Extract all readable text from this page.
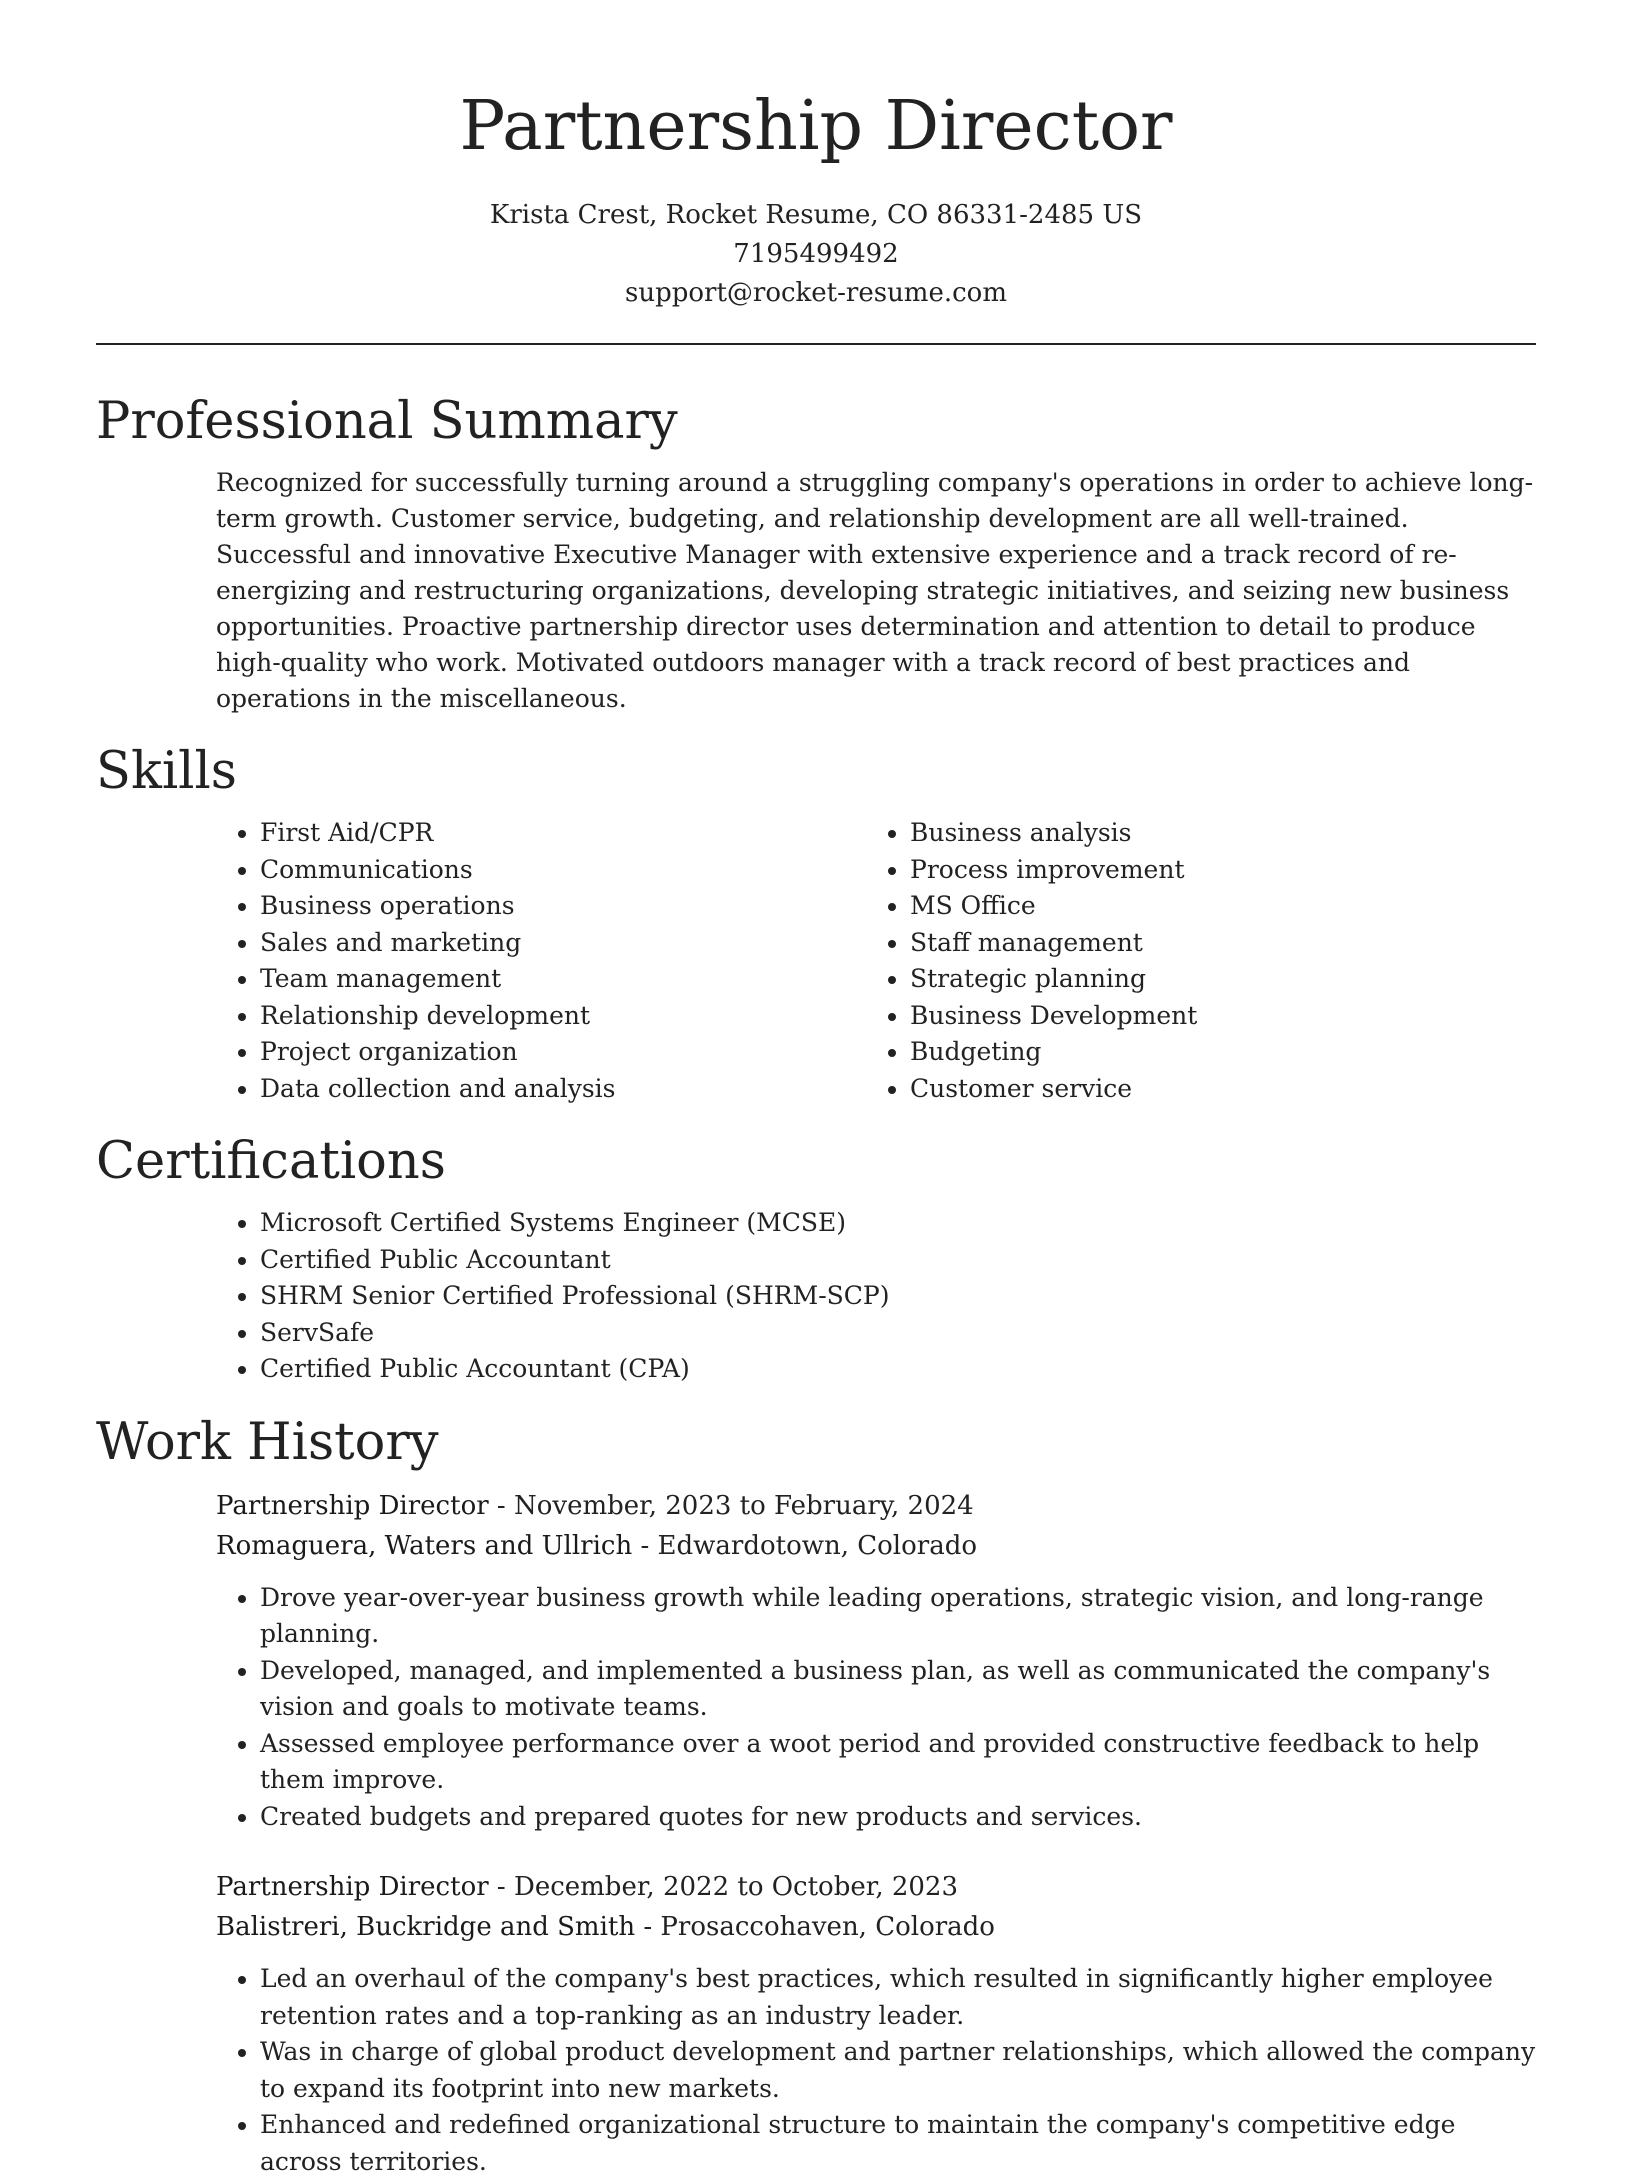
Partnership Director
Krista Crest, Rocket Resume, CO 86331-2485 US
7195499492
support@rocket-resume.com
Professional Summary

Recognized for successfully turning around a struggling company's operations in order to achieve long-term growth. Customer service, budgeting, and relationship development are all well-trained. Successful and innovative Executive Manager with extensive experience and a track record of re-energizing and restructuring organizations, developing strategic initiatives, and seizing new business opportunities. Proactive partnership director uses determination and attention to detail to produce high-quality who work. Motivated outdoors manager with a track record of best practices and operations in the miscellaneous.

Skills
• First Aid/CPR
• Communications
• Business operations
• Sales and marketing
• Team management
• Relationship development
• Project organization
• Data collection and analysis
• Business analysis
• Process improvement
• MS Office
• Staff management
• Strategic planning
• Business Development
• Budgeting
• Customer service
Certifications
• Microsoft Certified Systems Engineer (MCSE)
• Certified Public Accountant
• SHRM Senior Certified Professional (SHRM-SCP)
• ServSafe
• Certified Public Accountant (CPA)
Work History
Partnership Director - November, 2023 to February, 2024
Romaguera, Waters and Ullrich - Edwardotown, Colorado
• Drove year-over-year business growth while leading operations, strategic vision, and long-range planning.
• Developed, managed, and implemented a business plan, as well as communicated the company's vision and goals to motivate teams.
• Assessed employee performance over a woot period and provided constructive feedback to help them improve.
• Created budgets and prepared quotes for new products and services.
Partnership Director - December, 2022 to October, 2023
Balistreri, Buckridge and Smith - Prosaccohaven, Colorado
• Led an overhaul of the company's best practices, which resulted in significantly higher employee retention rates and a top-ranking as an industry leader.
• Was in charge of global product development and partner relationships, which allowed the company to expand its footprint into new markets.
• Enhanced and redefined organizational structure to maintain the company's competitive edge across territories.
